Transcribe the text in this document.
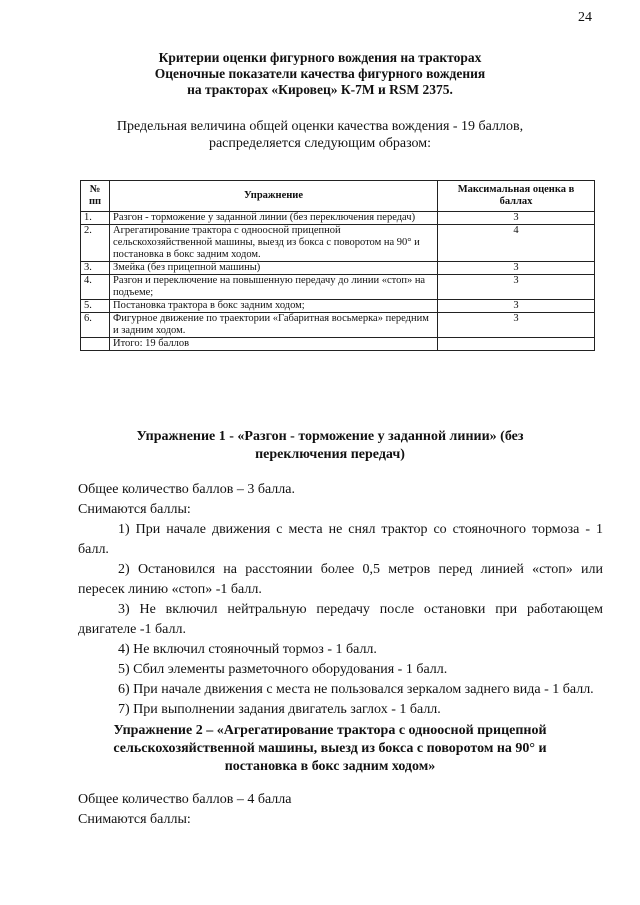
24
Критерии оценки фигурного вождения на тракторах
Оценочные показатели качества фигурного вождения
на тракторах «Кировец» К-7М и RSM 2375.
Предельная величина общей оценки качества вождения - 19 баллов,
распределяется следующим образом:
№ пп	Упражнение	Максимальная оценка в баллах
1.	Разгон - торможение у заданной линии (без переключения передач)	3
2.	Агрегатирование трактора с одноосной прицепной сельскохозяйственной машины, выезд из бокса с поворотом на 90° и постановка в бокс задним ходом.	4
3.	Змейка (без прицепной машины)	3
4.	Разгон и переключение на повышенную передачу до линии «стоп» на подъеме;	3
5.	Постановка трактора в бокс задним ходом;	3
6.	Фигурное движение по траектории «Габаритная восьмерка» передним и задним ходом.	3
	Итого: 19 баллов	
Упражнение 1 - «Разгон - торможение у заданной линии» (без
переключения передач)
Общее количество баллов – 3 балла.
Снимаются баллы:
1) При начале движения с места не снял трактор со стояночного тормоза - 1 балл.
2) Остановился на расстоянии более 0,5 метров перед линией «стоп» или пересек линию «стоп» -1 балл.
3) Не включил нейтральную передачу после остановки при работающем двигателе -1 балл.
4) Не включил стояночный тормоз - 1 балл.
5) Сбил элементы разметочного оборудования - 1 балл.
6) При начале движения с места не пользовался зеркалом заднего вида - 1 балл.
7) При выполнении задания двигатель заглох - 1 балл.
Упражнение 2 – «Агрегатирование трактора с одноосной прицепной
сельскохозяйственной машины, выезд из бокса с поворотом на 90° и
постановка в бокс задним ходом»
Общее количество баллов – 4 балла
Снимаются баллы:
